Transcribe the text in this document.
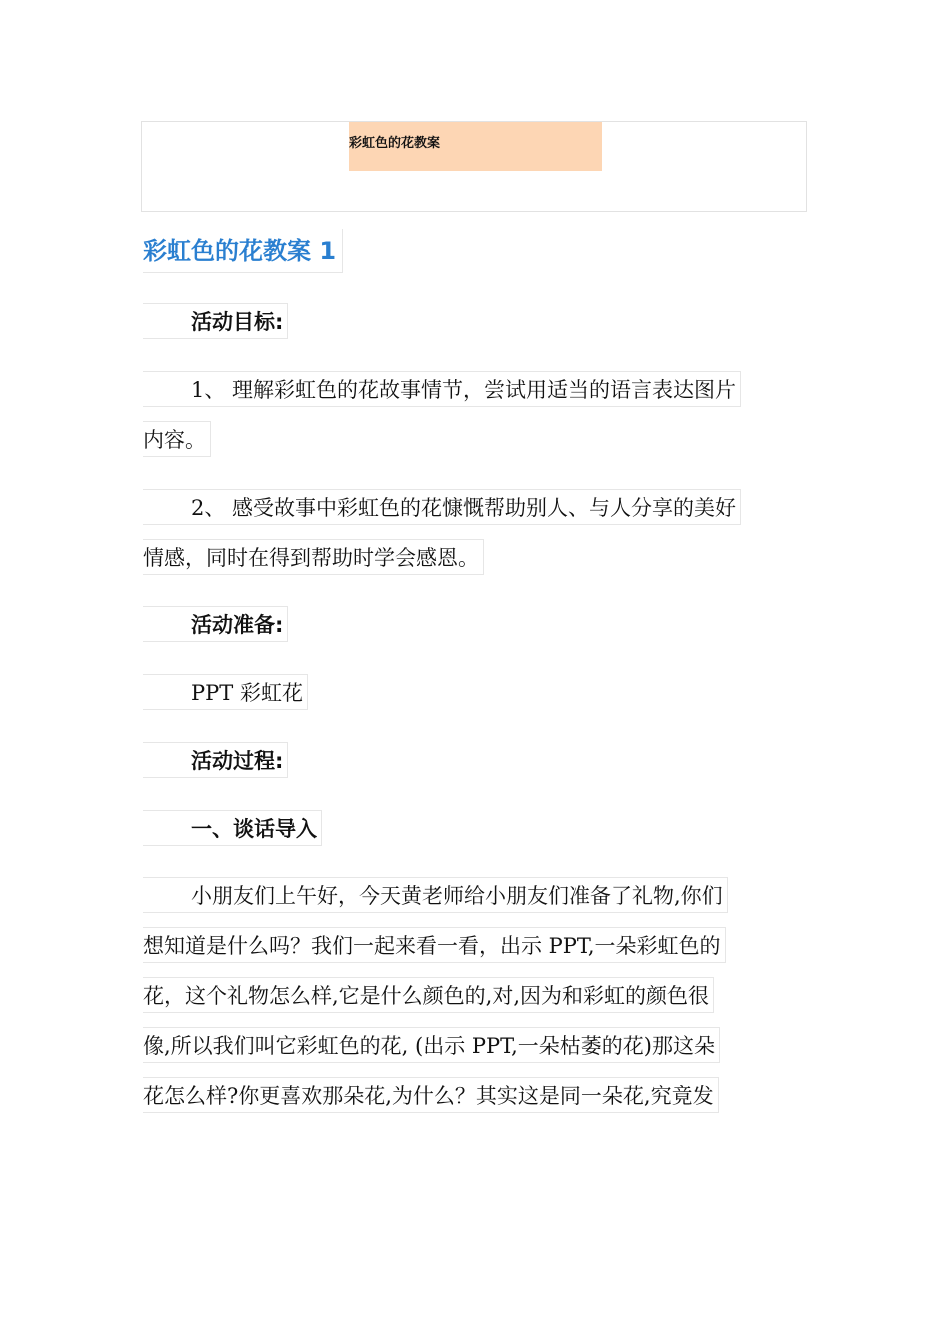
彩虹色的花教案
彩虹色的花教案 1
活动目标:
1、 理解彩虹色的花故事情节，尝试用适当的语言表达图片
内容。
2、 感受故事中彩虹色的花慷慨帮助别人、与人分享的美好
情感，同时在得到帮助时学会感恩。
活动准备:
PPT 彩虹花
活动过程:
一、谈话导入
小朋友们上午好，今天黄老师给小朋友们准备了礼物,你们
想知道是什么吗？我们一起来看一看，出示 PPT,一朵彩虹色的
花，这个礼物怎么样,它是什么颜色的,对,因为和彩虹的颜色很
像,所以我们叫它彩虹色的花, (出示 PPT,一朵枯萎的花)那这朵
花怎么样?你更喜欢那朵花,为什么？其实这是同一朵花,究竟发
